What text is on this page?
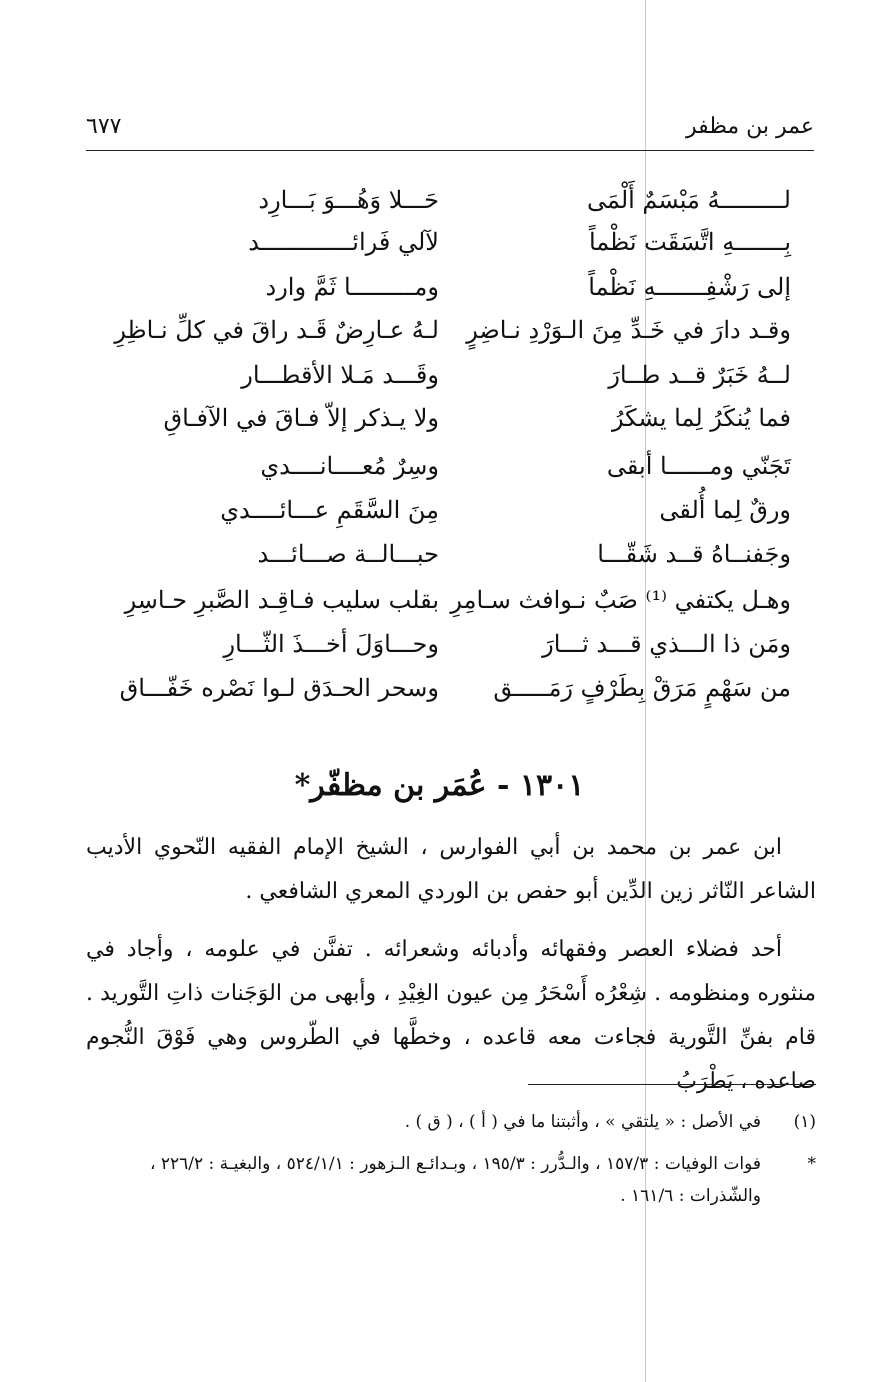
عمر بن مظفر
٦٧٧
لـــــــــهُ مَبْسَمٌ أَلْمَى
حَـــلا وَهُـــوَ بَـــارِد
بِـــــــهِ اتَّسَقَت نَظْماً
لآلي فَرائـــــــــــــد
إلى رَشْفِـــــــهِ نَظْماً
ومـــــــــا ثَمَّ وارد
وقـد دارَ في خَـدِّ مِنَ الـوَرْدِ نـاضِرٍ
لـهُ عـارِضٌ قَـد راقَ في كلِّ نـاظِرِ
لــهُ خَبَرٌ قــد طــارَ
وقَـــد مَـلا الأقطـــار
فما يُنكَرُ لِما يشكَرُ
ولا يـذكر إلاّ فـاقَ في الآفـاقِ
تَجَنّي ومــــــا أبقى
وسِرٌ مُعــــانــــدي
ورقٌ لِما أُلقى
مِنَ السَّقَمِ عـــائــــدي
وجَفنــاهُ قــد شَقّـــا
حبـــالــة صـــائـــد
وهـل يكتفي ⁽¹⁾ صَبٌ نـوافث سـامِرِ
بقلب سليب فـاقِـد الصَّبرِ حـاسِرِ
ومَن ذا الـــذي قـــد ثـــارَ
وحـــاوَلَ أخـــذَ الثّـــارِ
من سَهْمٍ مَرَقْ بِطَرْفٍ رَمَـــــق
وسحر الحـدَق لـوا نَصْره خَفّـــاق
١٣٠١ - عُمَر بن مظفّر*
ابن عمر بن محمد بن أبي الفوارس ، الشيخ الإمام الفقيه النّحوي الأديب الشاعر النّاثر زين الدِّين أبو حفص بن الوردي المعري الشافعي .
أحد فضلاء العصر وفقهائه وأدبائه وشعرائه . تفنَّن في علومه ، وأجاد في منثوره ومنظومه . شِعْرُه أَسْحَرُ مِن عيون الغِيْدِ ، وأبهى من الوَجَنات ذاتِ التَّوريد . قام بفنِّ التَّورية فجاءت معه قاعده ، وخطَّها في الطّروس وهي فَوْقَ النُّجوم صاعده ، يَطْرَبُ
(١)
في الأصل : « يلتقي » ، وأثبتنا ما في ( أ ) ، ( ق ) .
*
فوات الوفيات : ١٥٧/٣ ، والـدُّرر : ١٩٥/٣ ، وبـدائـع الـزهور : ٥٢٤/١/١ ، والبغيـة : ٢٢٦/٢ ، والشّذرات : ١٦١/٦ .
